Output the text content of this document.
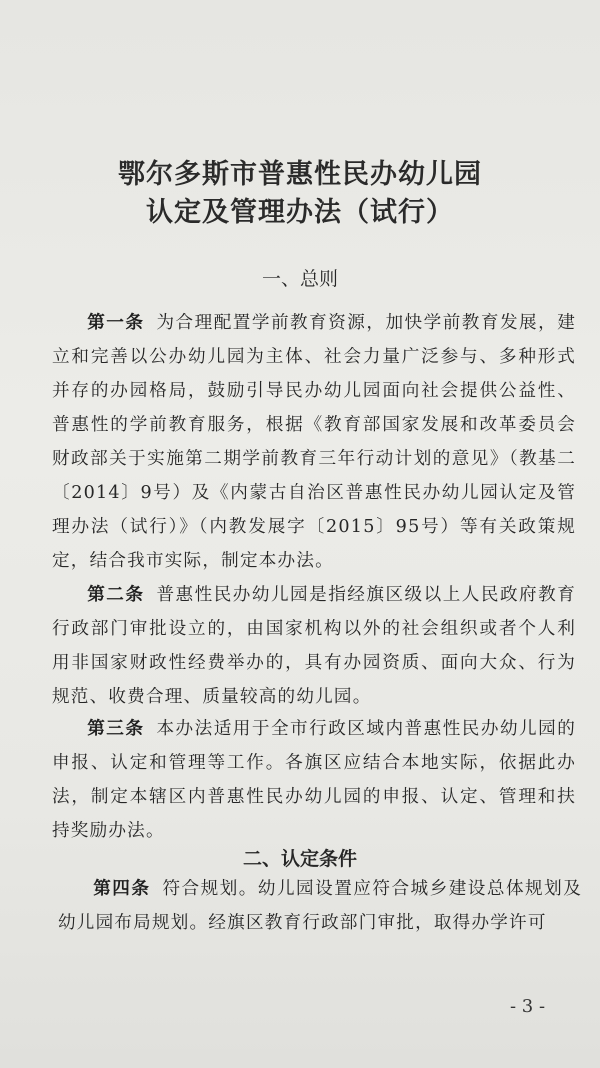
鄂尔多斯市普惠性民办幼儿园
认定及管理办法（试行）
一、总则

第一条 为合理配置学前教育资源，加快学前教育发展，建立和完善以公办幼儿园为主体、社会力量广泛参与、多种形式并存的办园格局，鼓励引导民办幼儿园面向社会提供公益性、普惠性的学前教育服务，根据《教育部国家发展和改革委员会财政部关于实施第二期学前教育三年行动计划的意见》（教基二〔2014〕9号）及《内蒙古自治区普惠性民办幼儿园认定及管理办法（试行）》（内教发展字〔2015〕95号）等有关政策规定，结合我市实际，制定本办法。

第二条 普惠性民办幼儿园是指经旗区级以上人民政府教育行政部门审批设立的，由国家机构以外的社会组织或者个人利用非国家财政性经费举办的，具有办园资质、面向大众、行为规范、收费合理、质量较高的幼儿园。

第三条 本办法适用于全市行政区域内普惠性民办幼儿园的申报、认定和管理等工作。各旗区应结合本地实际，依据此办法，制定本辖区内普惠性民办幼儿园的申报、认定、管理和扶持奖励办法。

二、认定条件

第四条 符合规划。幼儿园设置应符合城乡建设总体规划及幼儿园布局规划。经旗区教育行政部门审批，取得办学许可

- 3 -
